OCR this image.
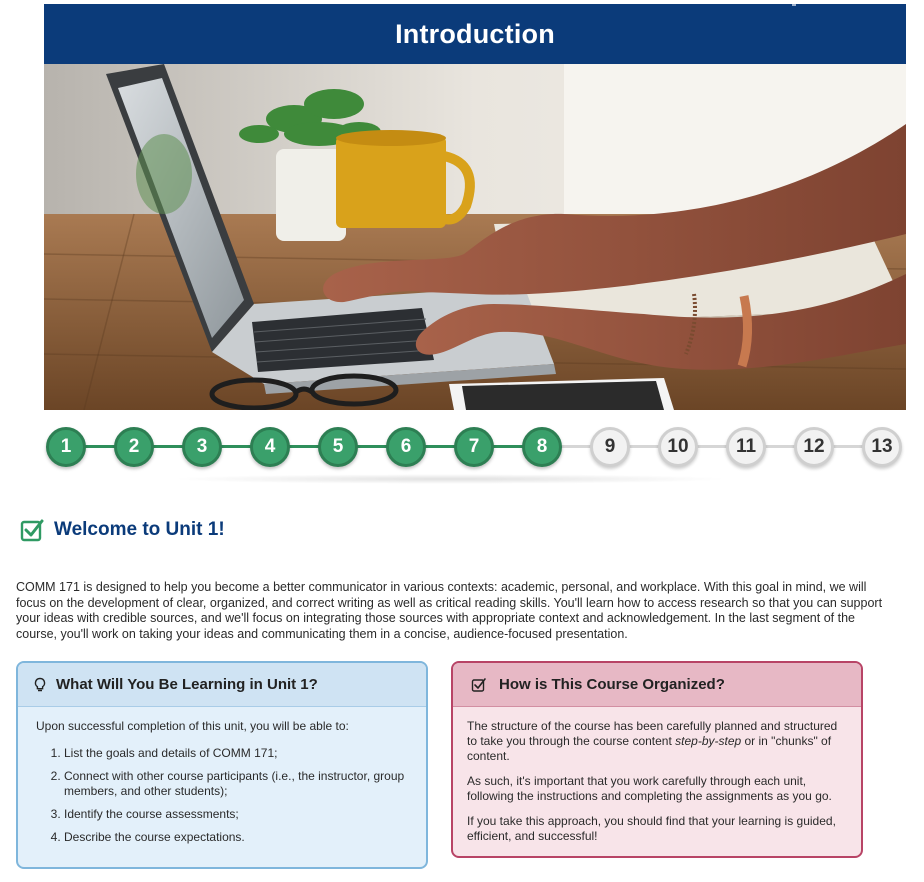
Introduction
1	2	3	4	5	6	7	8	9	10	11	12	13
Welcome to Unit 1!

COMM 171 is designed to help you become a better communicator in various contexts: academic, personal, and workplace. With this goal in mind, we will focus on the development of clear, organized, and correct writing as well as critical reading skills. You'll learn how to access research so that you can support your ideas with credible sources, and we'll focus on integrating those sources with appropriate context and acknowledgement. In the last segment of the course, you'll work on taking your ideas and communicating them in a concise, audience-focused presentation.

What Will You Be Learning in Unit 1?

Upon successful completion of this unit, you will be able to:

1. List the goals and details of COMM 171;
2. Connect with other course participants (i.e., the instructor, group members, and other students);
3. Identify the course assessments;
4. Describe the course expectations.
How is This Course Organized?

The structure of the course has been carefully planned and structured to take you through the course content step-by-step or in "chunks" of content.

As such, it's important that you work carefully through each unit, following the instructions and completing the assignments as you go.

If you take this approach, you should find that your learning is guided, efficient, and successful!
